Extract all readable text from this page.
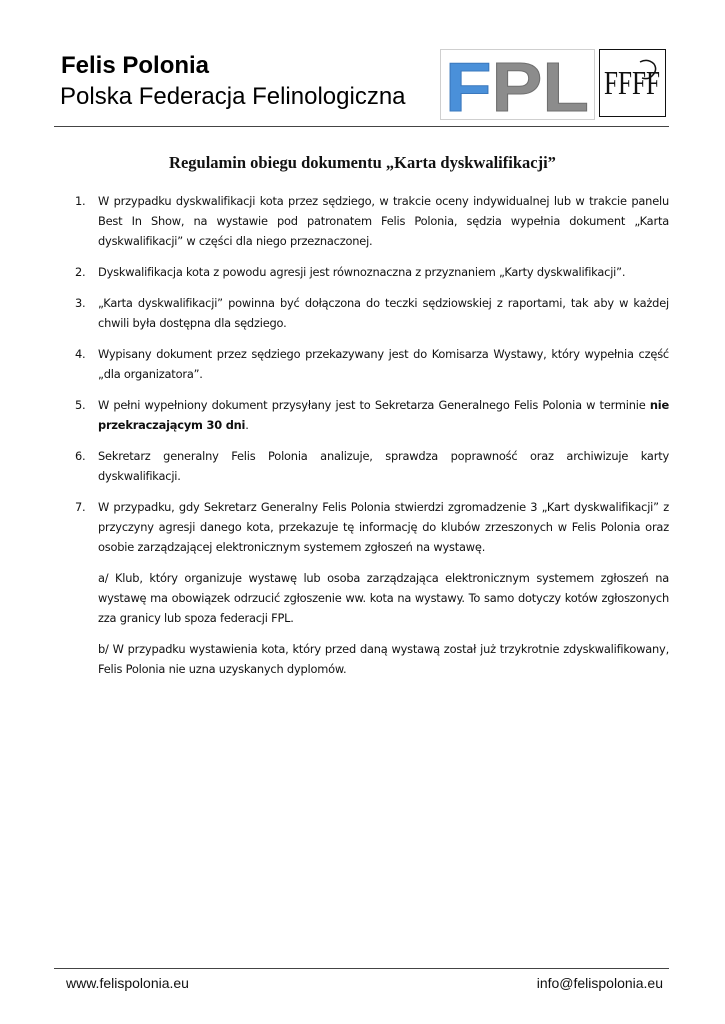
Felis Polonia
Polska Federacja Felinologiczna FPL FFFF
Regulamin obiegu dokumentu „Karta dyskwalifikacji”
1. W przypadku dyskwalifikacji kota przez sędziego, w trakcie oceny indywidualnej lub w trakcie panelu Best In Show, na wystawie pod patronatem Felis Polonia, sędzia wypełnia dokument „Karta dyskwalifikacji” w części dla niego przeznaczonej.
2. Dyskwalifikacja kota z powodu agresji jest równoznaczna z przyznaniem „Karty dyskwalifikacji”.
3. „Karta dyskwalifikacji” powinna być dołączona do teczki sędziowskiej z raportami, tak aby w każdej chwili była dostępna dla sędziego.
4. Wypisany dokument przez sędziego przekazywany jest do Komisarza Wystawy, który wypełnia część „dla organizatora”.
5. W pełni wypełniony dokument przysyłany jest to Sekretarza Generalnego Felis Polonia w terminie nie przekraczającym 30 dni.
6. Sekretarz generalny Felis Polonia analizuje, sprawdza poprawność oraz archiwizuje karty dyskwalifikacji.
7. W przypadku, gdy Sekretarz Generalny Felis Polonia stwierdzi zgromadzenie 3 „Kart dyskwalifikacji” z przyczyny agresji danego kota, przekazuje tę informację do klubów zrzeszonych w Felis Polonia oraz osobie zarządzającej elektronicznym systemem zgłoszeń na wystawę.

a/ Klub, który organizuje wystawę lub osoba zarządzająca elektronicznym systemem zgłoszeń na wystawę ma obowiązek odrzucić zgłoszenie ww. kota na wystawy. To samo dotyczy kotów zgłoszonych zza granicy lub spoza federacji FPL.

b/ W przypadku wystawienia kota, który przed daną wystawą został już trzykrotnie zdyskwalifikowany, Felis Polonia nie uzna uzyskanych dyplomów.

www.felispolonia.eu	info@felispolonia.eu
